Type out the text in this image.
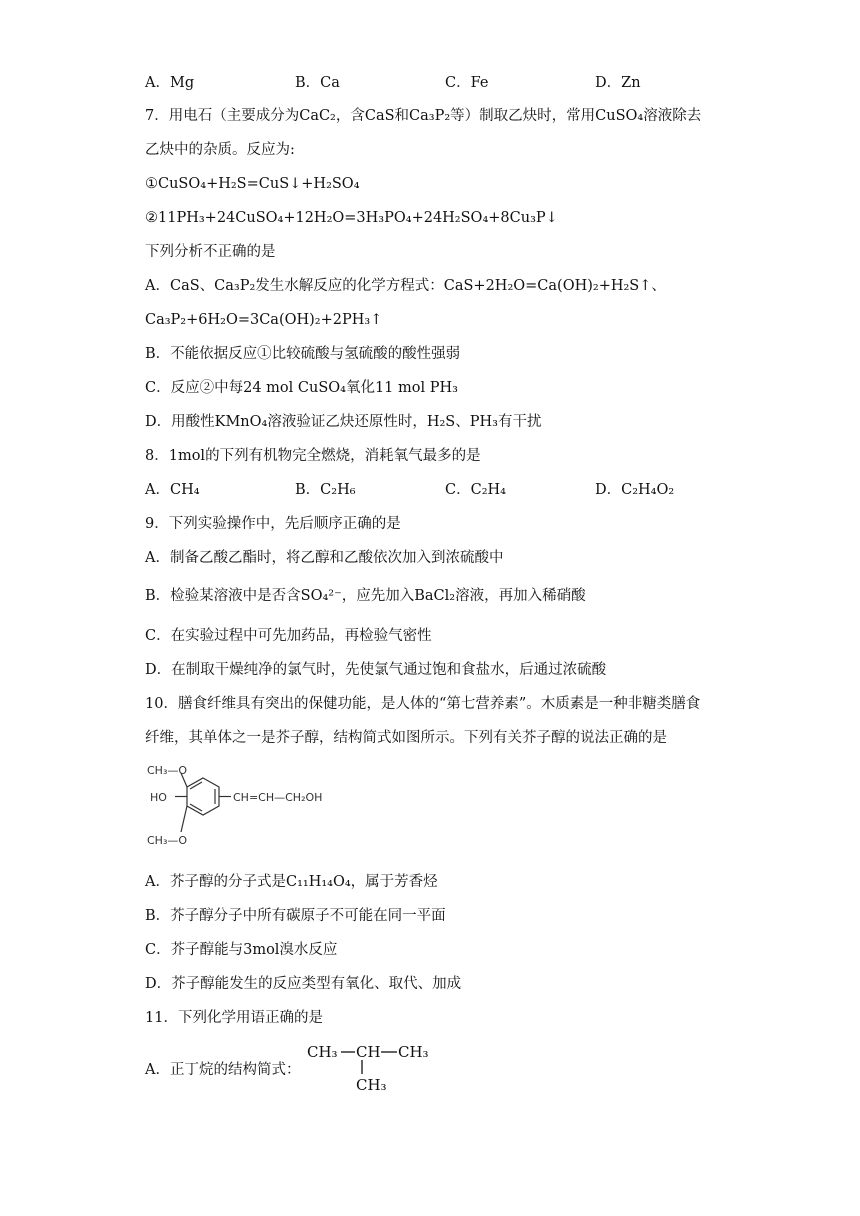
A．Mg	B．Ca	C．Fe	D．Zn
7．用电石（主要成分为CaC₂，含CaS和Ca₃P₂等）制取乙炔时，常用CuSO₄溶液除去
乙炔中的杂质。反应为:
①CuSO₄+H₂S=CuS↓+H₂SO₄
②11PH₃+24CuSO₄+12H₂O=3H₃PO₄+24H₂SO₄+8Cu₃P↓
下列分析不正确的是
A．CaS、Ca₃P₂发生水解反应的化学方程式：CaS+2H₂O=Ca(OH)₂+H₂S↑、
Ca₃P₂+6H₂O=3Ca(OH)₂+2PH₃↑
B．不能依据反应①比较硫酸与氢硫酸的酸性强弱
C．反应②中每24 mol CuSO₄氧化11 mol PH₃
D．用酸性KMnO₄溶液验证乙炔还原性时，H₂S、PH₃有干扰
8．1mol的下列有机物完全燃烧，消耗氧气最多的是
A．CH₄	B．C₂H₆	C．C₂H₄	D．C₂H₄O₂
9．下列实验操作中，先后顺序正确的是
A．制备乙酸乙酯时，将乙醇和乙酸依次加入到浓硫酸中
B．检验某溶液中是否含SO₄²⁻，应先加入BaCl₂溶液，再加入稀硝酸
C．在实验过程中可先加药品，再检验气密性
D．在制取干燥纯净的氯气时，先使氯气通过饱和食盐水，后通过浓硫酸
10．膳食纤维具有突出的保健功能，是人体的“第七营养素”。木质素是一种非糖类膳食
纤维，其单体之一是芥子醇，结构简式如图所示。下列有关芥子醇的说法正确的是
CH₃—O
HO	CH=CH—CH₂OH
CH₃—O
A．芥子醇的分子式是C₁₁H₁₄O₄，属于芳香烃
B．芥子醇分子中所有碳原子不可能在同一平面
C．芥子醇能与3mol溴水反应
D．芥子醇能发生的反应类型有氧化、取代、加成
11．下列化学用语正确的是
A．正丁烷的结构简式：
CH₃ CH CH₃
CH₃
